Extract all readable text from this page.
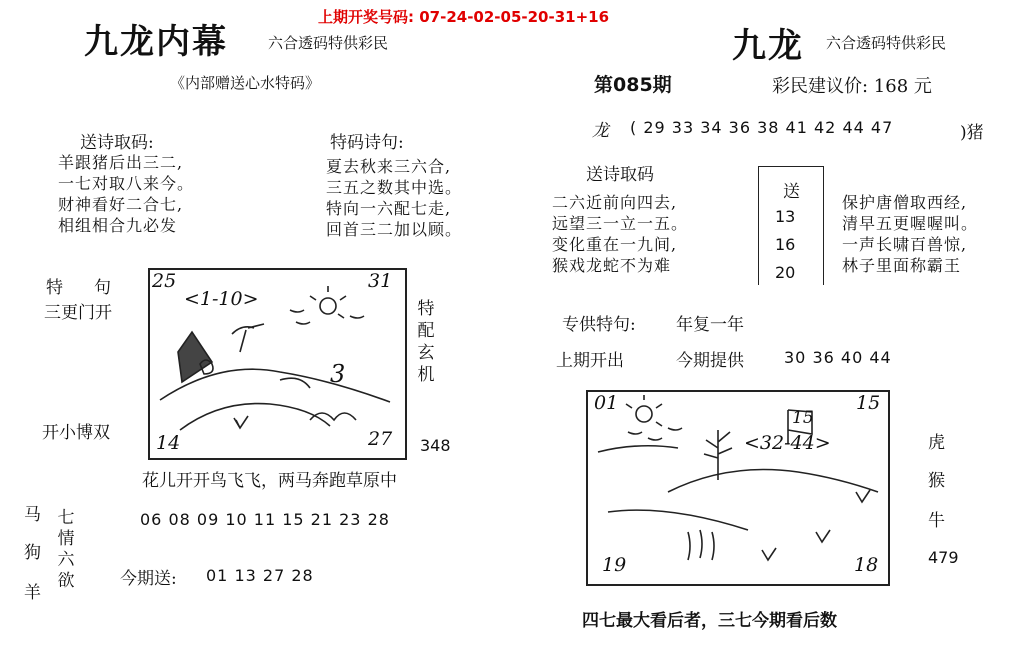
九龙内幕	六合透码特供彩民
《内部赠送心水特码》
上期开奖号码: 07-24-02-05-20-31+16
送诗取码:
羊跟猪后出三二,
一七对取八来今。
财神看好二合七,
相组相合九必发
特码诗句:
夏去秋来三六合,
三五之数其中选。
特向一六配七走,
回首三二加以顾。
特 句
三更门开
开小博双
25	31
14	27
<1-10>
3
特
配
玄
机
348
花儿开开鸟飞飞，两马奔跑草原中
马
狗
羊
七
情
六
欲
06 08 09 10 11 15 21 23 28
今期送: 01 13 27 28
九龙 六合透码特供彩民
第085期	彩民建议价: 168 元
龙 ( 29 33 34 36 38 41 42 44 47	)猪
送诗取码
二六近前向四去,
远望三一立一五。
变化重在一九间,
猴戏龙蛇不为难
送
13
16
20
保护唐僧取西经,
清早五更喔喔叫。
一声长啸百兽惊,
林子里面称霸王
专供特句: 年复一年
上期开出	今期提供	30 36 40 44
01	15
19	18
<32-44>
15
虎
猴
牛
479
四七最大看后者，三七今期看后数
